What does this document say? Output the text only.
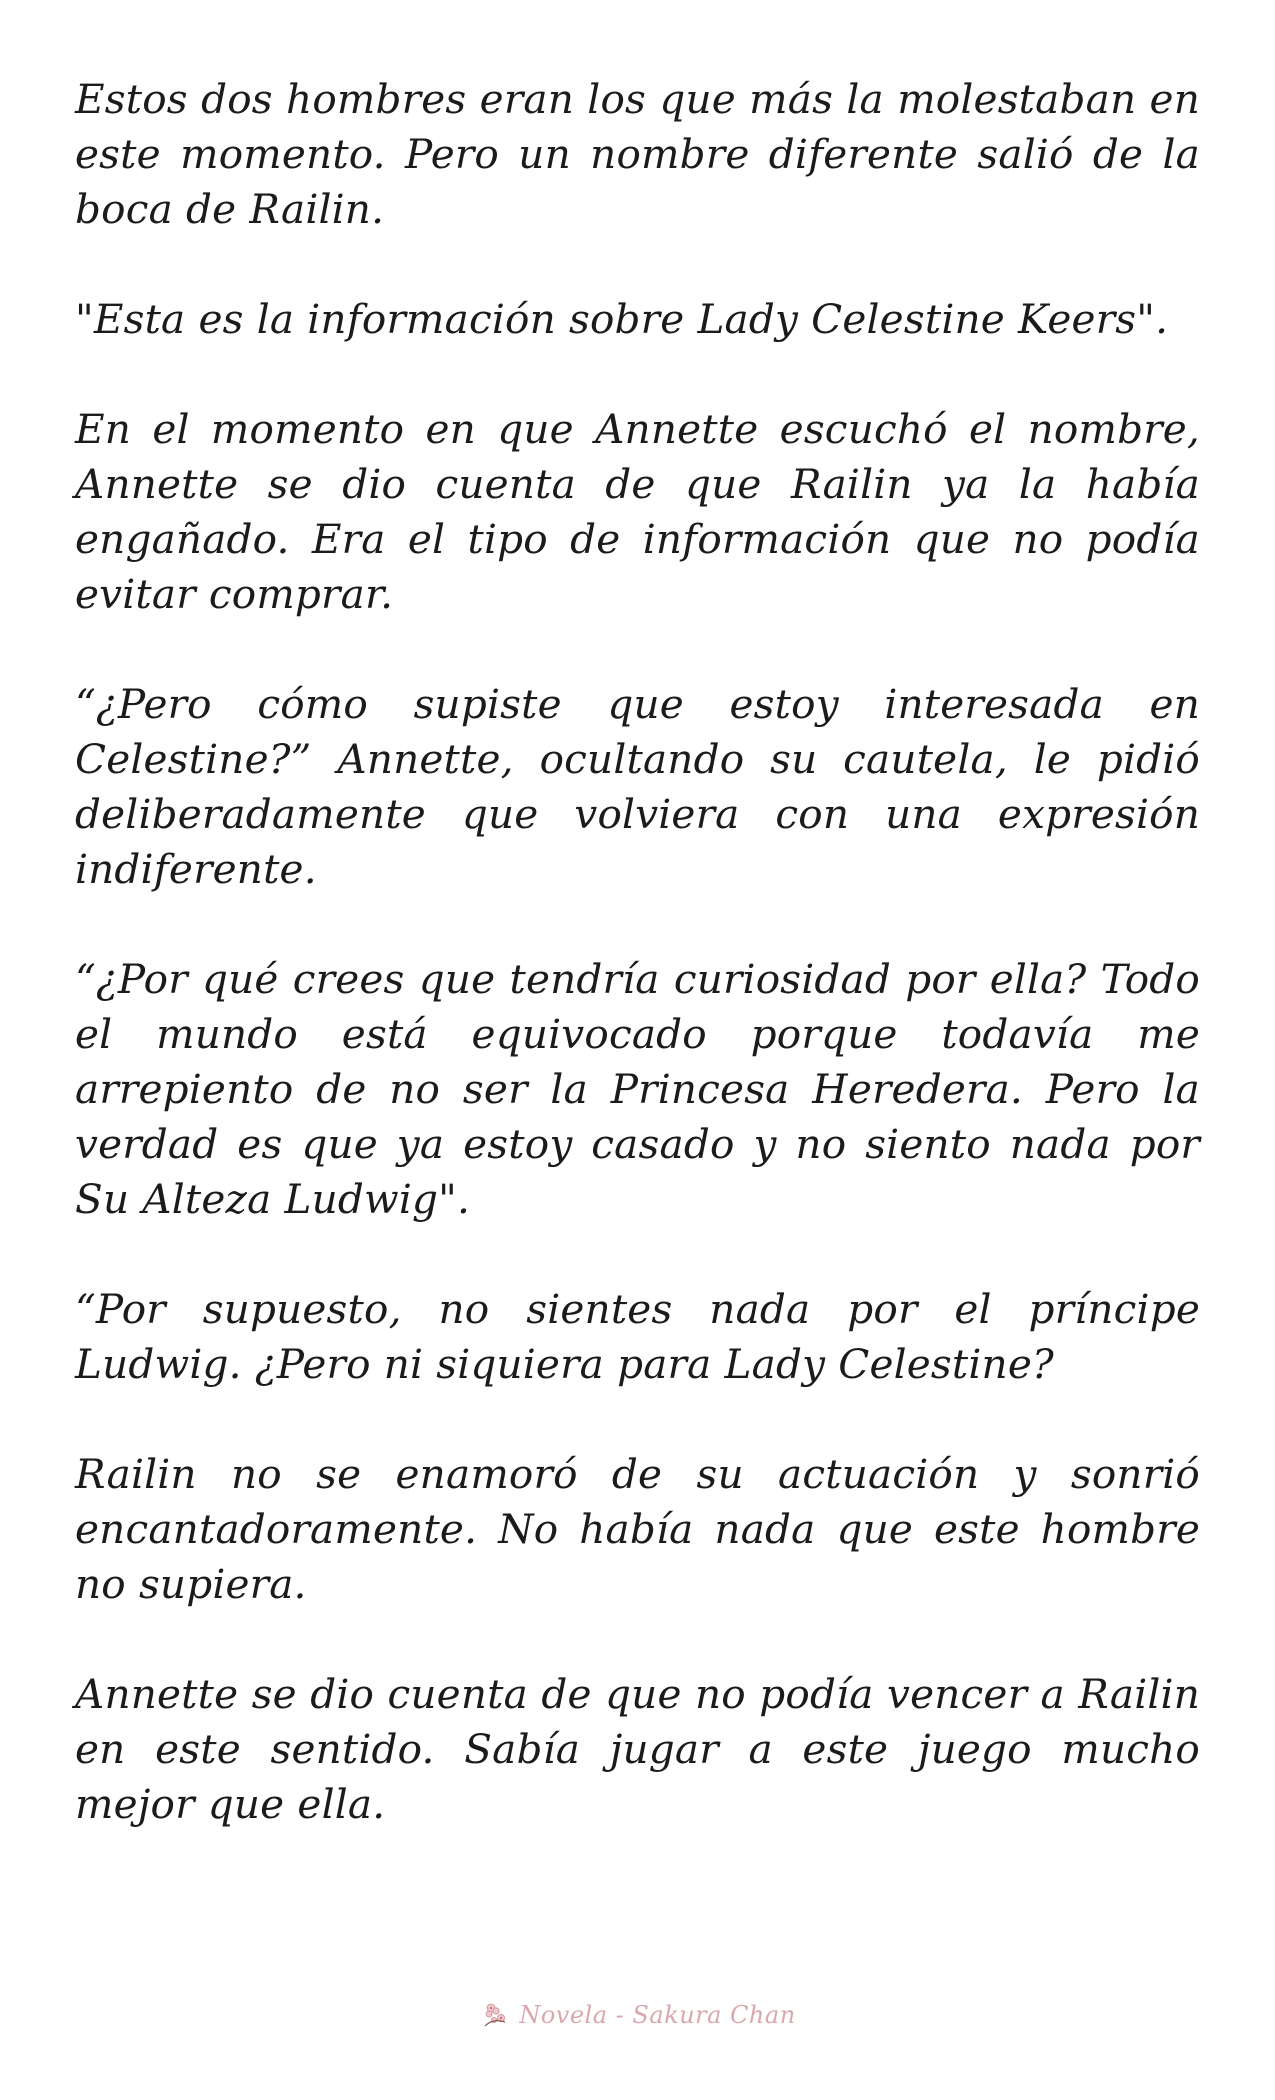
Estos dos hombres eran los que más la molestaban en este momento. Pero un nombre diferente salió de la boca de Railin.

"Esta es la información sobre Lady Celestine Keers".

En el momento en que Annette escuchó el nombre, Annette se dio cuenta de que Railin ya la había engañado. Era el tipo de información que no podía evitar comprar.

“¿Pero cómo supiste que estoy interesada en Celestine?” Annette, ocultando su cautela, le pidió deliberadamente que volviera con una expresión indiferente.

“¿Por qué crees que tendría curiosidad por ella? Todo el mundo está equivocado porque todavía me arrepiento de no ser la Princesa Heredera. Pero la verdad es que ya estoy casado y no siento nada por Su Alteza Ludwig".

“Por supuesto, no sientes nada por el príncipe Ludwig. ¿Pero ni siquiera para Lady Celestine?

Railin no se enamoró de su actuación y sonrió encantadoramente. No había nada que este hombre no supiera.

Annette se dio cuenta de que no podía vencer a Railin en este sentido. Sabía jugar a este juego mucho mejor que ella.

Novela - Sakura Chan
